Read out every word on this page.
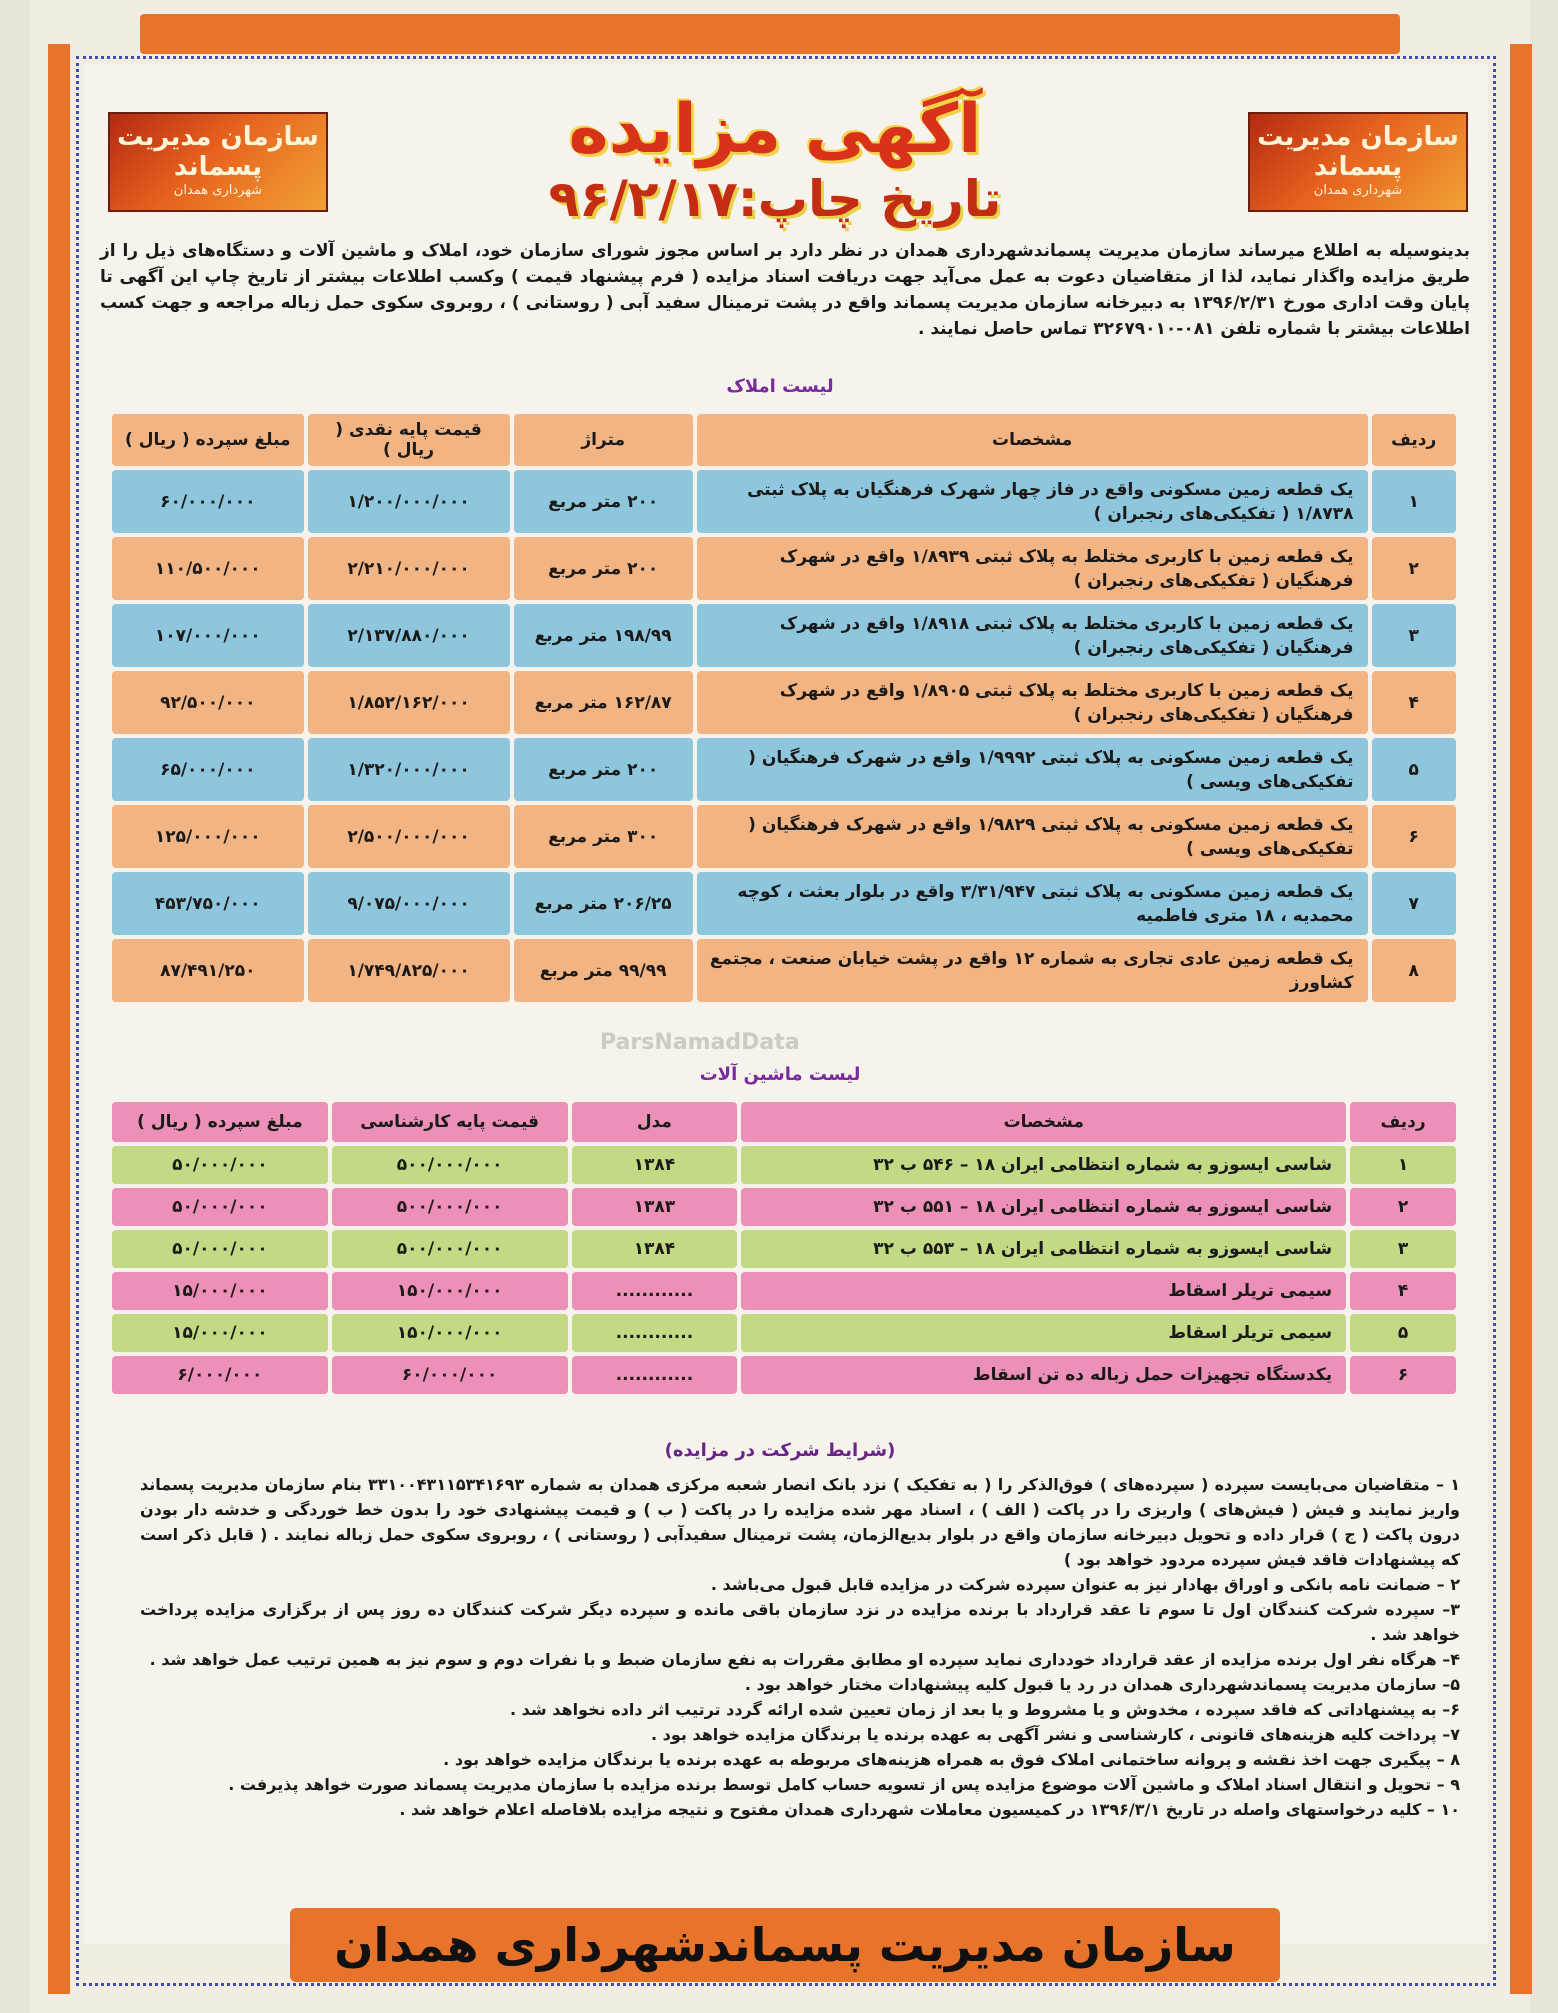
سازمان مدیریت پسماند
شهرداری همدان
سازمان مدیریت پسماند
شهرداری همدان
آگهی مزایده
تاریخ چاپ:۹۶/۲/۱۷
بدینوسیله به اطلاع میرساند سازمان مدیریت پسماندشهرداری همدان در نظر دارد بر اساس مجوز شورای سازمان خود، املاک و ماشین آلات و دستگاه‌های ذیل را از طریق مزایده واگذار نماید، لذا از متقاضیان دعوت به عمل می‌آید جهت دریافت اسناد مزایده ( فرم پیشنهاد قیمت ) وکسب اطلاعات بیشتر از تاریخ چاپ این آگهی تا پایان وقت اداری مورخ ۱۳۹۶/۲/۳۱ به دبیرخانه سازمان مدیریت پسماند واقع در پشت ترمینال سفید آبی ( روستانی ) ، روبروی سکوی حمل زباله مراجعه و جهت کسب اطلاعات بیشتر با شماره تلفن ۰۸۱-۳۲۶۷۹۰۱۰ تماس حاصل نمایند .
لیست املاک
ردیف	مشخصات	متراژ	قیمت پایه نقدی ( ریال )	مبلغ سپرده ( ریال )
۱	یک قطعه زمین مسکونی واقع در فاز چهار شهرک فرهنگیان به پلاک ثبتی ۱/۸۷۳۸ ( تفکیکی‌های رنجبران )	۲۰۰ متر مربع	۱/۲۰۰/۰۰۰/۰۰۰	۶۰/۰۰۰/۰۰۰
۲	یک قطعه زمین با کاربری مختلط به پلاک ثبتی ۱/۸۹۳۹ واقع در شهرک فرهنگیان ( تفکیکی‌های رنجبران )	۲۰۰ متر مربع	۲/۲۱۰/۰۰۰/۰۰۰	۱۱۰/۵۰۰/۰۰۰
۳	یک قطعه زمین با کاربری مختلط به پلاک ثبتی ۱/۸۹۱۸ واقع در شهرک فرهنگیان ( تفکیکی‌های رنجبران )	۱۹۸/۹۹ متر مربع	۲/۱۳۷/۸۸۰/۰۰۰	۱۰۷/۰۰۰/۰۰۰
۴	یک قطعه زمین با کاربری مختلط به پلاک ثبتی ۱/۸۹۰۵ واقع در شهرک فرهنگیان ( تفکیکی‌های رنجبران )	۱۶۲/۸۷ متر مربع	۱/۸۵۲/۱۶۲/۰۰۰	۹۲/۵۰۰/۰۰۰
۵	یک قطعه زمین مسکونی به پلاک ثبتی ۱/۹۹۹۲ واقع در شهرک فرهنگیان ( تفکیکی‌های ویسی )	۲۰۰ متر مربع	۱/۳۲۰/۰۰۰/۰۰۰	۶۵/۰۰۰/۰۰۰
۶	یک قطعه زمین مسکونی به پلاک ثبتی ۱/۹۸۲۹ واقع در شهرک فرهنگیان ( تفکیکی‌های ویسی )	۳۰۰ متر مربع	۲/۵۰۰/۰۰۰/۰۰۰	۱۲۵/۰۰۰/۰۰۰
۷	یک قطعه زمین مسکونی به پلاک ثبتی ۳/۳۱/۹۴۷ واقع در بلوار بعثت ، کوچه محمدیه ، ۱۸ متری فاطمیه	۲۰۶/۲۵ متر مربع	۹/۰۷۵/۰۰۰/۰۰۰	۴۵۳/۷۵۰/۰۰۰
۸	یک قطعه زمین عادی تجاری به شماره ۱۲ واقع در پشت خیابان صنعت ، مجتمع کشاورز	۹۹/۹۹ متر مربع	۱/۷۴۹/۸۲۵/۰۰۰	۸۷/۴۹۱/۲۵۰
ParsNamadData
لیست ماشین آلات
ردیف	مشخصات	مدل	قیمت پایه کارشناسی	مبلغ سپرده ( ریال )
۱	شاسی ایسوزو به شماره انتظامی ایران ۱۸ – ۵۴۶ ب ۳۲	۱۳۸۴	۵۰۰/۰۰۰/۰۰۰	۵۰/۰۰۰/۰۰۰
۲	شاسی ایسوزو به شماره انتظامی ایران ۱۸ – ۵۵۱ ب ۳۲	۱۳۸۳	۵۰۰/۰۰۰/۰۰۰	۵۰/۰۰۰/۰۰۰
۳	شاسی ایسوزو به شماره انتظامی ایران ۱۸ – ۵۵۳ ب ۳۲	۱۳۸۴	۵۰۰/۰۰۰/۰۰۰	۵۰/۰۰۰/۰۰۰
۴	سیمی تریلر اسقاط	............	۱۵۰/۰۰۰/۰۰۰	۱۵/۰۰۰/۰۰۰
۵	سیمی تریلر اسقاط	............	۱۵۰/۰۰۰/۰۰۰	۱۵/۰۰۰/۰۰۰
۶	یکدستگاه تجهیزات حمل زباله ده تن اسقاط	............	۶۰/۰۰۰/۰۰۰	۶/۰۰۰/۰۰۰
(شرایط شرکت در مزایده)

۱ – متقاضیان می‌بایست سپرده ( سپرده‌های ) فوق‌الذکر را ( به تفکیک ) نزد بانک انصار شعبه مرکزی همدان به شماره ۳۳۱۰۰۴۳۱۱۵۳۴۱۶۹۳ بنام سازمان مدیریت پسماند واریز نمایند و فیش ( فیش‌های ) واریزی را در پاکت ( الف ) ، اسناد مهر شده مزایده را در پاکت ( ب ) و قیمت پیشنهادی خود را بدون خط خوردگی و خدشه دار بودن درون پاکت ( ج ) قرار داده و تحویل دبیرخانه سازمان واقع در بلوار بدیع‌الزمان، پشت ترمینال سفیدآبی ( روستانی ) ، روبروی سکوی حمل زباله نمایند . ( قابل ذکر است که پیشنهادات فاقد فیش سپرده مردود خواهد بود )

۲ – ضمانت نامه بانکی و اوراق بهادار نیز به عنوان سپرده شرکت در مزایده قابل قبول می‌باشد .

۳– سپرده شرکت کنندگان اول تا سوم تا عقد قرارداد با برنده مزایده در نزد سازمان باقی مانده و سپرده دیگر شرکت کنندگان ده روز پس از برگزاری مزایده پرداخت خواهد شد .

۴– هرگاه نفر اول برنده مزایده از عقد قرارداد خودداری نماید سپرده او مطابق مقررات به نفع سازمان ضبط و با نفرات دوم و سوم نیز به همین ترتیب عمل خواهد شد .

۵– سازمان مدیریت پسماندشهرداری همدان در رد یا قبول کلیه پیشنهادات مختار خواهد بود .

۶– به پیشنهاداتی که فاقد سپرده ، مخدوش و یا مشروط و یا بعد از زمان تعیین شده ارائه گردد ترتیب اثر داده نخواهد شد .

۷– پرداخت کلیه هزینه‌های قانونی ، کارشناسی و نشر آگهی به عهده برنده یا برندگان مزایده خواهد بود .

۸ – پیگیری جهت اخذ نقشه و پروانه ساختمانی املاک فوق به همراه هزینه‌های مربوطه به عهده برنده یا برندگان مزایده خواهد بود .

۹ – تحویل و انتقال اسناد املاک و ماشین آلات موضوع مزایده پس از تسویه حساب کامل توسط برنده مزایده با سازمان مدیریت پسماند صورت خواهد پذیرفت .

۱۰ – کلیه درخواستهای واصله در تاریخ ۱۳۹۶/۳/۱ در کمیسیون معاملات شهرداری همدان مفتوح و نتیجه مزایده بلافاصله اعلام خواهد شد .

سازمان مدیریت پسماندشهرداری همدان
